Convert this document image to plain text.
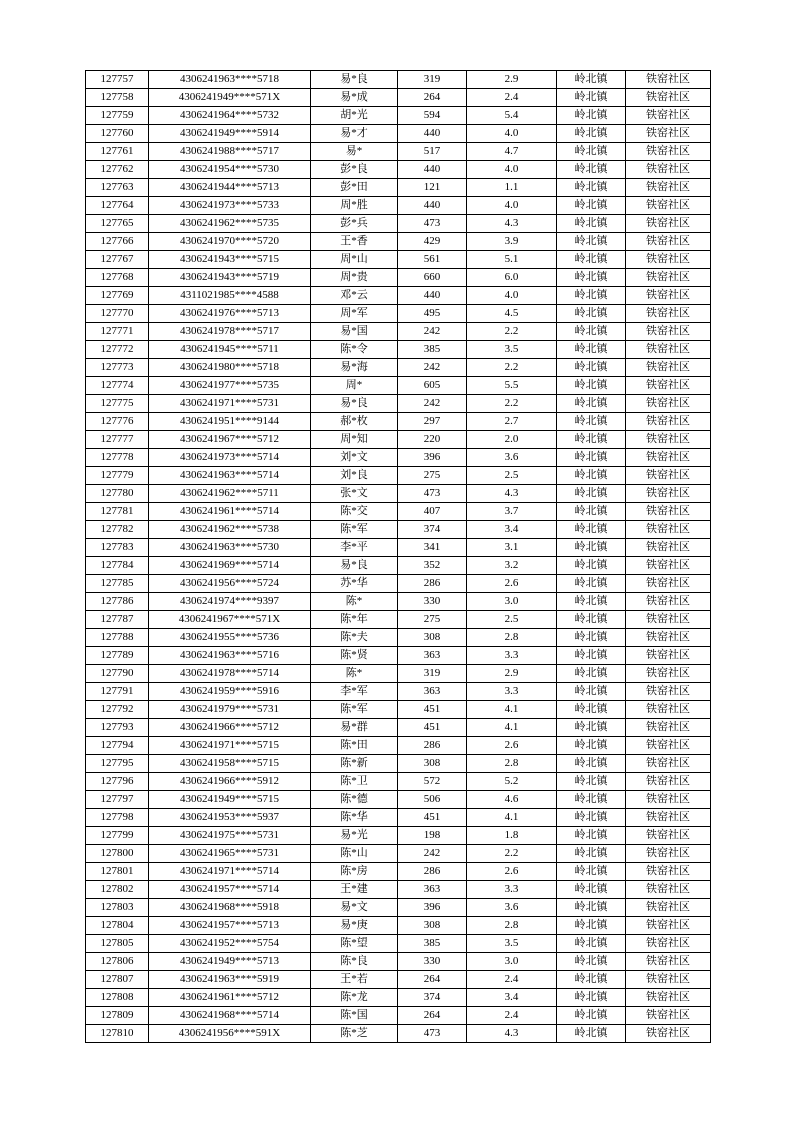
127757	4306241963****5718	易*良	319	2.9	岭北镇	铁窑社区
127758	4306241949****571X	易*成	264	2.4	岭北镇	铁窑社区
127759	4306241964****5732	胡*光	594	5.4	岭北镇	铁窑社区
127760	4306241949****5914	易*才	440	4.0	岭北镇	铁窑社区
127761	4306241988****5717	易*	517	4.7	岭北镇	铁窑社区
127762	4306241954****5730	彭*良	440	4.0	岭北镇	铁窑社区
127763	4306241944****5713	彭*田	121	1.1	岭北镇	铁窑社区
127764	4306241973****5733	周*胜	440	4.0	岭北镇	铁窑社区
127765	4306241962****5735	彭*兵	473	4.3	岭北镇	铁窑社区
127766	4306241970****5720	王*香	429	3.9	岭北镇	铁窑社区
127767	4306241943****5715	周*山	561	5.1	岭北镇	铁窑社区
127768	4306241943****5719	周*贵	660	6.0	岭北镇	铁窑社区
127769	4311021985****4588	邓*云	440	4.0	岭北镇	铁窑社区
127770	4306241976****5713	周*军	495	4.5	岭北镇	铁窑社区
127771	4306241978****5717	易*国	242	2.2	岭北镇	铁窑社区
127772	4306241945****5711	陈*令	385	3.5	岭北镇	铁窑社区
127773	4306241980****5718	易*海	242	2.2	岭北镇	铁窑社区
127774	4306241977****5735	周*	605	5.5	岭北镇	铁窑社区
127775	4306241971****5731	易*良	242	2.2	岭北镇	铁窑社区
127776	4306241951****9144	郝*枚	297	2.7	岭北镇	铁窑社区
127777	4306241967****5712	周*知	220	2.0	岭北镇	铁窑社区
127778	4306241973****5714	刘*文	396	3.6	岭北镇	铁窑社区
127779	4306241963****5714	刘*良	275	2.5	岭北镇	铁窑社区
127780	4306241962****5711	张*文	473	4.3	岭北镇	铁窑社区
127781	4306241961****5714	陈*交	407	3.7	岭北镇	铁窑社区
127782	4306241962****5738	陈*军	374	3.4	岭北镇	铁窑社区
127783	4306241963****5730	李*平	341	3.1	岭北镇	铁窑社区
127784	4306241969****5714	易*良	352	3.2	岭北镇	铁窑社区
127785	4306241956****5724	苏*华	286	2.6	岭北镇	铁窑社区
127786	4306241974****9397	陈*	330	3.0	岭北镇	铁窑社区
127787	4306241967****571X	陈*年	275	2.5	岭北镇	铁窑社区
127788	4306241955****5736	陈*夫	308	2.8	岭北镇	铁窑社区
127789	4306241963****5716	陈*贤	363	3.3	岭北镇	铁窑社区
127790	4306241978****5714	陈*	319	2.9	岭北镇	铁窑社区
127791	4306241959****5916	李*军	363	3.3	岭北镇	铁窑社区
127792	4306241979****5731	陈*军	451	4.1	岭北镇	铁窑社区
127793	4306241966****5712	易*群	451	4.1	岭北镇	铁窑社区
127794	4306241971****5715	陈*田	286	2.6	岭北镇	铁窑社区
127795	4306241958****5715	陈*新	308	2.8	岭北镇	铁窑社区
127796	4306241966****5912	陈*卫	572	5.2	岭北镇	铁窑社区
127797	4306241949****5715	陈*德	506	4.6	岭北镇	铁窑社区
127798	4306241953****5937	陈*华	451	4.1	岭北镇	铁窑社区
127799	4306241975****5731	易*光	198	1.8	岭北镇	铁窑社区
127800	4306241965****5731	陈*山	242	2.2	岭北镇	铁窑社区
127801	4306241971****5714	陈*房	286	2.6	岭北镇	铁窑社区
127802	4306241957****5714	王*建	363	3.3	岭北镇	铁窑社区
127803	4306241968****5918	易*文	396	3.6	岭北镇	铁窑社区
127804	4306241957****5713	易*庚	308	2.8	岭北镇	铁窑社区
127805	4306241952****5754	陈*望	385	3.5	岭北镇	铁窑社区
127806	4306241949****5713	陈*良	330	3.0	岭北镇	铁窑社区
127807	4306241963****5919	王*若	264	2.4	岭北镇	铁窑社区
127808	4306241961****5712	陈*龙	374	3.4	岭北镇	铁窑社区
127809	4306241968****5714	陈*国	264	2.4	岭北镇	铁窑社区
127810	4306241956****591X	陈*芝	473	4.3	岭北镇	铁窑社区
